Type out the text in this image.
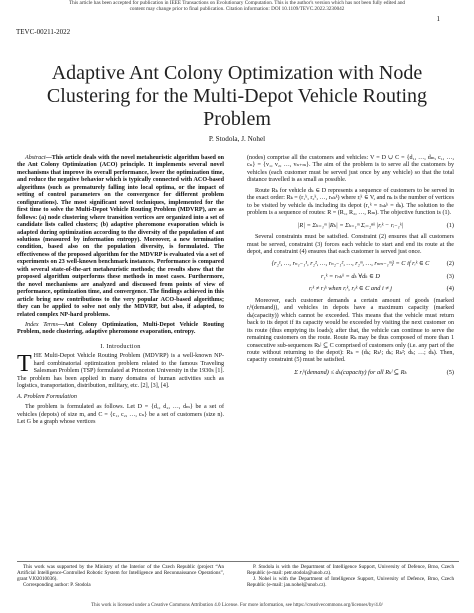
This article has been accepted for publication in IEEE Transactions on Evolutionary Computation. This is the author's version which has not been fully edited and
content may change prior to final publication. Citation information: DOI 10.1109/TEVC.2022.3230042
1
TEVC-00211-2022
Adaptive Ant Colony Optimization with Node Clustering for the Multi-Depot Vehicle Routing Problem
P. Stodola, J. Nohel

Abstract—This article deals with the novel metaheuristic algorithm based on the Ant Colony Optimization (ACO) principle. It implements several novel mechanisms that improve its overall performance, lower the optimization time, and reduce the negative behavior which is typically connected with ACO-based algorithms (such as prematurely falling into local optima, or the impact of setting of control parameters on the convergence for different problem configurations). The most significant novel techniques, implemented for the first time to solve the Multi-Depot Vehicle Routing Problem (MDVRP), are as follows: (a) node clustering where transition vertices are organized into a set of candidate lists called clusters; (b) adaptive pheromone evaporation which is adapted during optimization according to the diversity of the population of ant solutions (measured by information entropy). Moreover, a new termination condition, based also on the population diversity, is formulated. The effectiveness of the proposed algorithm for the MDVRP is evaluated via a set of experiments on 23 well-known benchmark instances. Performance is compared with several state-of-the-art metaheuristic methods; the results show that the proposed algorithm outperforms these methods in most cases. Furthermore, the novel mechanisms are analyzed and discussed from points of view of performance, optimization time, and convergence. The findings achieved in this article bring new contributions to the very popular ACO-based algorithms; they can be applied to solve not only the MDVRP, but also, if adapted, to related complex NP-hard problems.

Index Terms—Ant Colony Optimization, Multi-Depot Vehicle Routing Problem, node clustering, adaptive pheromone evaporation, entropy.

I. Introduction

THE Multi-Depot Vehicle Routing Problem (MDVRP) is a well-known NP-hard combinatorial optimization problem related to the famous Traveling Salesman Problem (TSP) formulated at Princeton University in the 1930s [1]. The problem has been applied in many domains of human activities such as logistics, transportation, distribution, military, etc. [2], [3], [4].

A. Problem Formulation

The problem is formulated as follows. Let D = {d₁, d₂, …, dₘ} be a set of vehicles (depots) of size m, and C = {c₁, c₂, …, cₙ} be a set of customers (size n). Let G be a graph whose vertices

(nodes) comprise all the customers and vehicles: V = D ∪ C = {d₁, …, dₘ, c₁, …, cₙ} = {v₁, v₂, …, vₙ₊ₘ}. The aim of the problem is to serve all the customers by vehicles (each customer must be served just once by any vehicle) so that the total distance travelled is as small as possible.

Route Rₖ for vehicle dₖ ∈ D represents a sequence of customers to be served in the exact order: Rₖ = (r₁ᵏ, r₂ᵏ, …, rₙₖᵏ) where rᵢᵏ ∈ V, and nₖ is the number of vertices to be visited by vehicle dₖ including its depot (r₁ᵏ = rₙₖᵏ = dₖ). The solution to the problem is a sequence of routes: R = (R₁, R₂, …, Rₘ). The objective function is (1).

|R| = Σₖ₌₁ᵐ |Rₖ| = Σₖ₌₁ᵐ Σᵢ₌₂ⁿᵏ |rᵢᵏ − rᵢ₋₁ᵏ|	(1)

Several constraints must be satisfied. Constraint (2) ensures that all customers must be served, constraint (3) forces each vehicle to start and end its route at the depot, and constraint (4) ensures that each customer is served just once.

{r₂¹, …, rₙ₁₋₁¹, r₂², …, rₙ₂₋₁², …, r₂ᵐ, …, rₙₘ₋₁ᵐ} = C if rᵢᵏ ∈ C	(2)
r₁ᵏ = rₙₖᵏ = dₖ ∀dₖ ∈ D	(3)
rᵢᵏ ≠ rⱼᵏ when rᵢᵏ, rⱼᵏ ∈ C and i ≠ j	(4)

Moreover, each customer demands a certain amount of goods (marked rᵢᵏ(demand)), and vehicles in depots have a maximum capacity (marked dₖ(capacity)) which cannot be exceeded. This means that the vehicle must return back to its depot if its capacity would be exceeded by visiting the next customer on its route (thus emptying its loads); after that, the vehicle can continue to serve the remaining customers on the route. Route Rₖ may be thus composed of more than 1 consecutive sub-sequences Rₖˡ ⊆ C comprised of customers only (i.e. any part of the route without returning to the depot): Rₖ = (dₖ; Rₖ¹; dₖ; Rₖ²; dₖ; …; dₖ). Then, capacity constraint (5) must be satisfied.

Σ rᵢᵏ(demand) ≤ dₖ(capacity) for all Rₖˡ ⊆ Rₖ	(5)

This work was supported by the Ministry of the Interior of the Czech Republic (project “An Artificial Intelligence-Controlled Robotic System for Intelligence and Reconnaissance Operations”, grant VJ02010036).

Corresponding author: P. Stodola

P. Stodola is with the Department of Intelligence Support, University of Defence, Brno, Czech Republic (e-mail: petr.stodola@unob.cz).

J. Nohel is with the Department of Intelligence Support, University of Defence, Brno, Czech Republic (e-mail: jan.nohel@unob.cz).

This work is licensed under a Creative Commons Attribution 4.0 License. For more information, see https://creativecommons.org/licenses/by/4.0/
